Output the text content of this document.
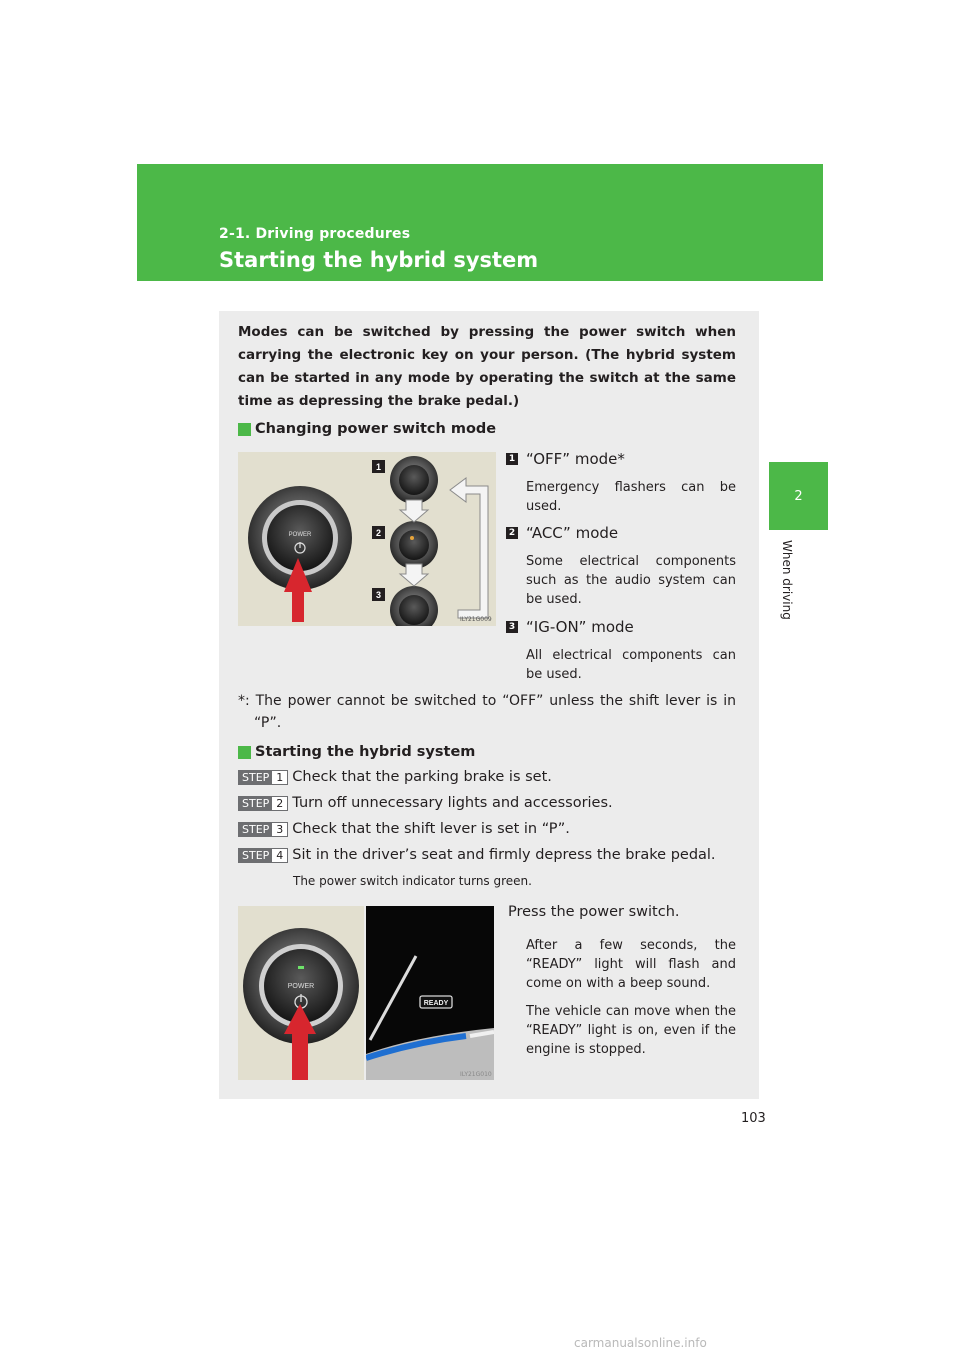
2-1. Driving procedures
Starting the hybrid system
2
When driving
Modes can be switched by pressing the power switch when carrying the electronic key on your person. (The hybrid system can be started in any mode by operating the switch at the same time as depressing the brake pedal.)
Changing power switch mode
POWER
1
2
3
ILY21G009
1 “OFF” mode*
Emergency flashers can be used.
2 “ACC” mode
Some electrical components such as the audio system can be used.
3 “IG-ON” mode
All electrical components can be used.
*: The power cannot be switched to “OFF” unless the shift lever is in “P”.
Starting the hybrid system
STEP 1 Check that the parking brake is set.
STEP 2 Turn off unnecessary lights and accessories.
STEP 3 Check that the shift lever is set in “P”.
STEP 4 Sit in the driver’s seat and firmly depress the brake pedal.
The power switch indicator turns green.
POWER
READY
ILY21G010
Press the power switch.
After a few seconds, the “READY” light will flash and come on with a beep sound.
The vehicle can move when the “READY” light is on, even if the engine is stopped.
103
carmanualsonline.info
